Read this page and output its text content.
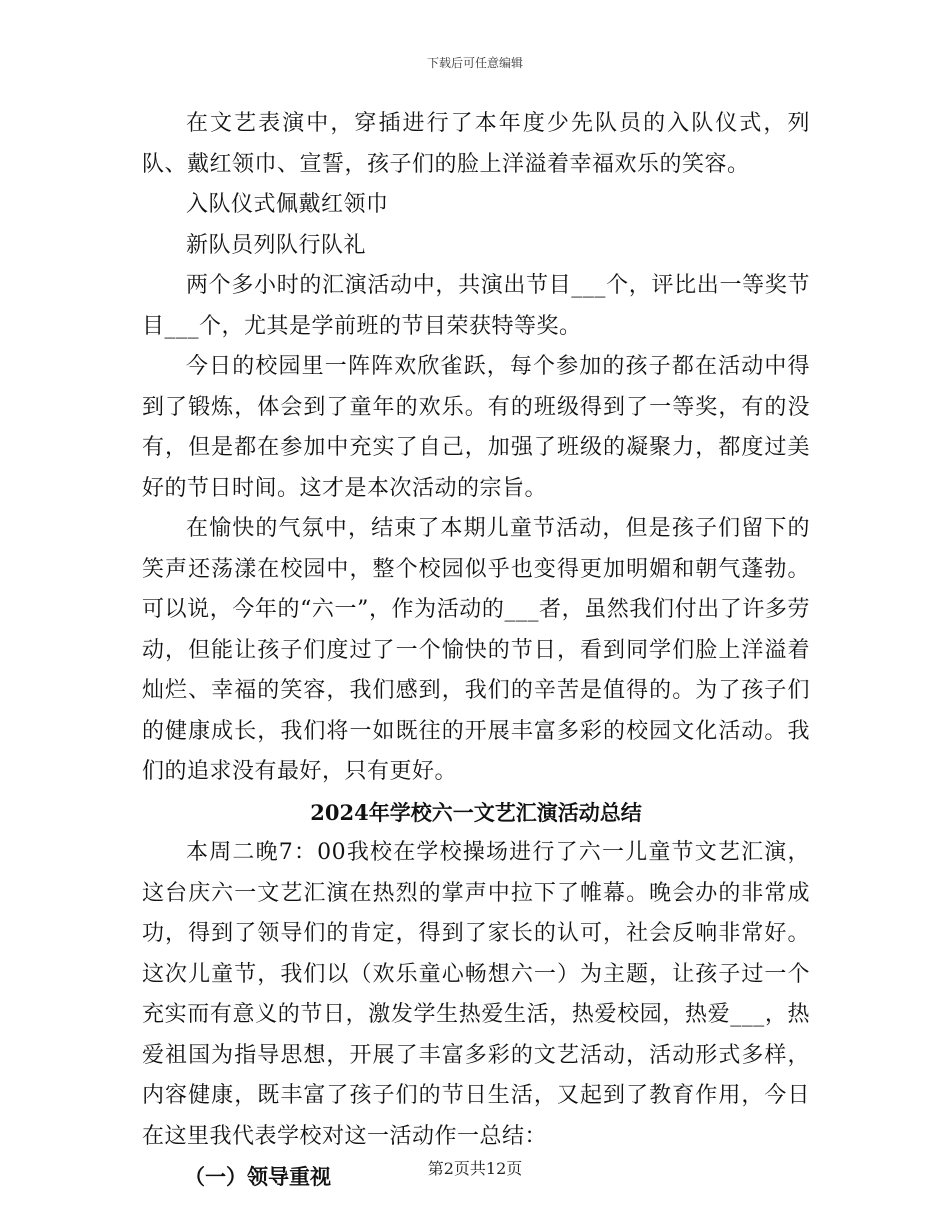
下载后可任意编辑

在文艺表演中，穿插进行了本年度少先队员的入队仪式，列队、戴红领巾、宣誓，孩子们的脸上洋溢着幸福欢乐的笑容。

入队仪式佩戴红领巾

新队员列队行队礼

两个多小时的汇演活动中，共演出节目___个，评比出一等奖节目___个，尤其是学前班的节目荣获特等奖。

今日的校园里一阵阵欢欣雀跃，每个参加的孩子都在活动中得到了锻炼，体会到了童年的欢乐。有的班级得到了一等奖，有的没有，但是都在参加中充实了自己，加强了班级的凝聚力，都度过美好的节日时间。这才是本次活动的宗旨。

在愉快的气氛中，结束了本期儿童节活动，但是孩子们留下的笑声还荡漾在校园中，整个校园似乎也变得更加明媚和朝气蓬勃。可以说，今年的“六一”，作为活动的___者，虽然我们付出了许多劳动，但能让孩子们度过了一个愉快的节日，看到同学们脸上洋溢着灿烂、幸福的笑容，我们感到，我们的辛苦是值得的。为了孩子们的健康成长，我们将一如既往的开展丰富多彩的校园文化活动。我们的追求没有最好，只有更好。

2024年学校六一文艺汇演活动总结

本周二晚7：00我校在学校操场进行了六一儿童节文艺汇演，这台庆六一文艺汇演在热烈的掌声中拉下了帷幕。晚会办的非常成功，得到了领导们的肯定，得到了家长的认可，社会反响非常好。这次儿童节，我们以（欢乐童心畅想六一）为主题，让孩子过一个充实而有意义的节日，激发学生热爱生活，热爱校园，热爱___，热爱祖国为指导思想，开展了丰富多彩的文艺活动，活动形式多样，内容健康，既丰富了孩子们的节日生活，又起到了教育作用，今日在这里我代表学校对这一活动作一总结：

（一）领导重视	第2页共12页
